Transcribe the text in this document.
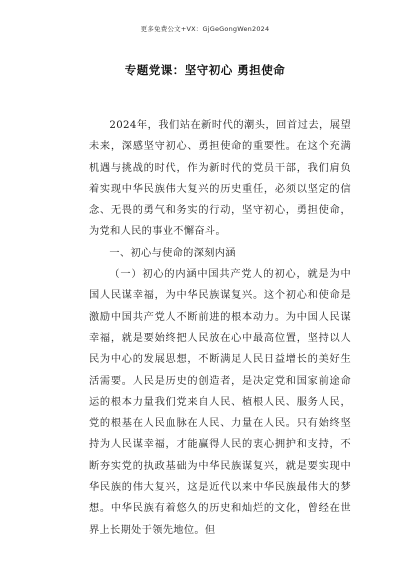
更多免费公文+VX：GjGeGongWen2024
专题党课：坚守初心 勇担使命

2024年，我们站在新时代的潮头，回首过去，展望未来，深感坚守初心、勇担使命的重要性。在这个充满机遇与挑战的时代，作为新时代的党员干部，我们肩负着实现中华民族伟大复兴的历史重任，必须以坚定的信念、无畏的勇气和务实的行动，坚守初心，勇担使命，为党和人民的事业不懈奋斗。

一、初心与使命的深刻内涵

（一）初心的内涵中国共产党人的初心，就是为中国人民谋幸福，为中华民族谋复兴。这个初心和使命是激励中国共产党人不断前进的根本动力。为中国人民谋幸福，就是要始终把人民放在心中最高位置，坚持以人民为中心的发展思想，不断满足人民日益增长的美好生活需要。人民是历史的创造者，是决定党和国家前途命运的根本力量我们党来自人民、植根人民、服务人民，党的根基在人民血脉在人民、力量在人民。只有始终坚持为人民谋幸福，才能赢得人民的衷心拥护和支持，不断夯实党的执政基础为中华民族谋复兴，就是要实现中华民族的伟大复兴，这是近代以来中华民族最伟大的梦想。中华民族有着悠久的历史和灿烂的文化，曾经在世界上长期处于领先地位。但
